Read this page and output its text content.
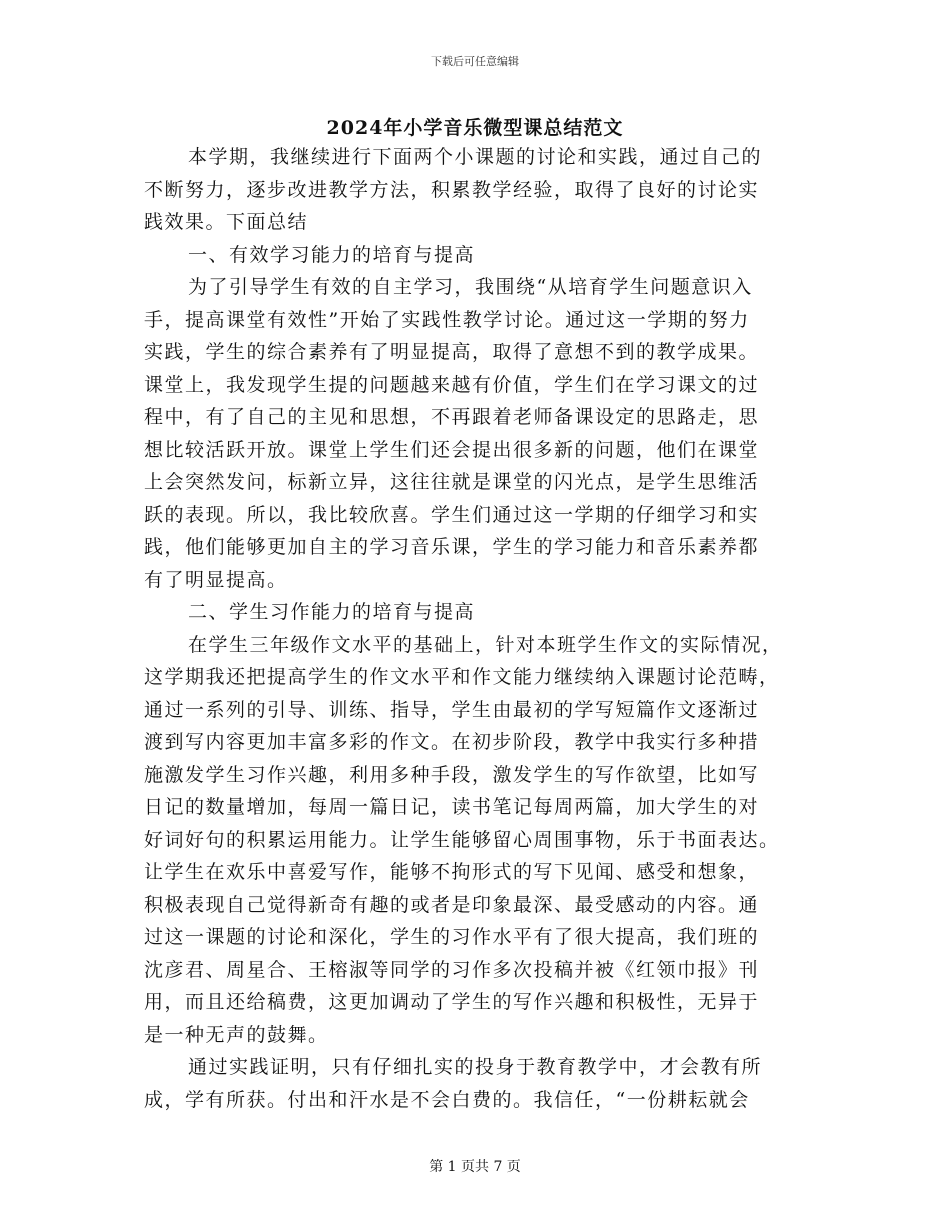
下载后可任意编辑
2024年小学音乐微型课总结范文
本学期，我继续进行下面两个小课题的讨论和实践，通过自己的
不断努力，逐步改进教学方法，积累教学经验，取得了良好的讨论实
践效果。下面总结
一、有效学习能力的培育与提高
为了引导学生有效的自主学习，我围绕“从培育学生问题意识入
手，提高课堂有效性”开始了实践性教学讨论。通过这一学期的努力
实践，学生的综合素养有了明显提高，取得了意想不到的教学成果。
课堂上，我发现学生提的问题越来越有价值，学生们在学习课文的过
程中，有了自己的主见和思想，不再跟着老师备课设定的思路走，思
想比较活跃开放。课堂上学生们还会提出很多新的问题，他们在课堂
上会突然发问，标新立异，这往往就是课堂的闪光点，是学生思维活
跃的表现。所以，我比较欣喜。学生们通过这一学期的仔细学习和实
践，他们能够更加自主的学习音乐课，学生的学习能力和音乐素养都
有了明显提高。
二、学生习作能力的培育与提高
在学生三年级作文水平的基础上，针对本班学生作文的实际情况，
这学期我还把提高学生的作文水平和作文能力继续纳入课题讨论范畴，
通过一系列的引导、训练、指导，学生由最初的学写短篇作文逐渐过
渡到写内容更加丰富多彩的作文。在初步阶段，教学中我实行多种措
施激发学生习作兴趣，利用多种手段，激发学生的写作欲望，比如写
日记的数量增加，每周一篇日记，读书笔记每周两篇，加大学生的对
好词好句的积累运用能力。让学生能够留心周围事物，乐于书面表达。
让学生在欢乐中喜爱写作，能够不拘形式的写下见闻、感受和想象，
积极表现自己觉得新奇有趣的或者是印象最深、最受感动的内容。通
过这一课题的讨论和深化，学生的习作水平有了很大提高，我们班的
沈彦君、周星合、王榕淑等同学的习作多次投稿并被《红领巾报》刊
用，而且还给稿费，这更加调动了学生的写作兴趣和积极性，无异于
是一种无声的鼓舞。
通过实践证明，只有仔细扎实的投身于教育教学中，才会教有所
成，学有所获。付出和汗水是不会白费的。我信任，“一份耕耘就会
第 1 页共 7 页
